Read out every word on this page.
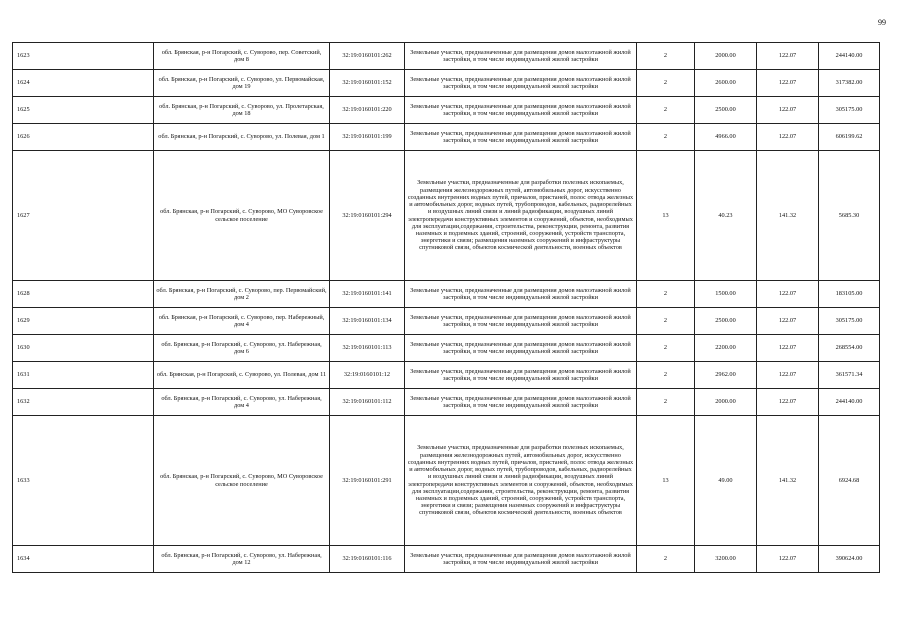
99
1623	обл. Брянская, р-н Погарский, с. Суворово, пер. Советский, дом 8	32:19:0160101:262	Земельные участки, предназначенные для размещения домов малоэтажной жилой застройки, в том числе индивидуальной жилой застройки	2	2000.00	122.07	244140.00
1624	обл. Брянская, р-н Погарский, с. Суворово, ул. Первомайская, дом 19	32:19:0160101:152	Земельные участки, предназначенные для размещения домов малоэтажной жилой застройки, в том числе индивидуальной жилой застройки	2	2600.00	122.07	317382.00
1625	обл. Брянская, р-н Погарский, с. Суворово, ул. Пролетарская, дом 18	32:19:0160101:220	Земельные участки, предназначенные для размещения домов малоэтажной жилой застройки, в том числе индивидуальной жилой застройки	2	2500.00	122.07	305175.00
1626	обл. Брянская, р-н Погарский, с. Суворово, ул. Полевая, дом 1	32:19:0160101:199	Земельные участки, предназначенные для размещения домов малоэтажной жилой застройки, в том числе индивидуальной жилой застройки	2	4966.00	122.07	606199.62
1627	обл. Брянская, р-н Погарский, с. Суворово, МО Суворовское сельское поселение	32:19:0160101:294	Земельные участки, предназначенные для разработки полезных ископаемых, размещения железнодорожных путей, автомобильных дорог, искусственно созданных внутренних водных путей, причалов, пристаней, полос отвода железных и автомобильных дорог, водных путей, трубопроводов, кабельных, радиорелейных и воздушных линий связи и линий радиофикации, воздушных линий электропередачи конструктивных элементов и сооружений, объектов, необходимых для эксплуатации,содержания, строительства, реконструкции, ремонта, развития наземных и подземных зданий, строений, сооружений, устройств транспорта, энергетики и связи; размещения наземных сооружений и инфраструктуры спутниковой связи, объектов космической деятельности, военных объектов	13	40.23	141.32	5685.30
1628	обл. Брянская, р-н Погарский, с. Суворово, пер. Первомайский, дом 2	32:19:0160101:141	Земельные участки, предназначенные для размещения домов малоэтажной жилой застройки, в том числе индивидуальной жилой застройки	2	1500.00	122.07	183105.00
1629	обл. Брянская, р-н Погарский, с. Суворово, пер. Набережный, дом 4	32:19:0160101:134	Земельные участки, предназначенные для размещения домов малоэтажной жилой застройки, в том числе индивидуальной жилой застройки	2	2500.00	122.07	305175.00
1630	обл. Брянская, р-н Погарский, с. Суворово, ул. Набережная, дом 6	32:19:0160101:113	Земельные участки, предназначенные для размещения домов малоэтажной жилой застройки, в том числе индивидуальной жилой застройки	2	2200.00	122.07	268554.00
1631	обл. Брянская, р-н Погарский, с. Суворово, ул. Полевая, дом 11	32:19:0160101:12	Земельные участки, предназначенные для размещения домов малоэтажной жилой застройки, в том числе индивидуальной жилой застройки	2	2962.00	122.07	361571.34
1632	обл. Брянская, р-н Погарский, с. Суворово, ул. Набережная, дом 4	32:19:0160101:112	Земельные участки, предназначенные для размещения домов малоэтажной жилой застройки, в том числе индивидуальной жилой застройки	2	2000.00	122.07	244140.00
1633	обл. Брянская, р-н Погарский, с. Суворово, МО Суворовское сельское поселение	32:19:0160101:291	Земельные участки, предназначенные для разработки полезных ископаемых, размещения железнодорожных путей, автомобильных дорог, искусственно созданных внутренних водных путей, причалов, пристаней, полос отвода железных и автомобильных дорог, водных путей, трубопроводов, кабельных, радиорелейных и воздушных линий связи и линий радиофикации, воздушных линий электропередачи конструктивных элементов и сооружений, объектов, необходимых для эксплуатации,содержания, строительства, реконструкции, ремонта, развития наземных и подземных зданий, строений, сооружений, устройств транспорта, энергетики и связи; размещения наземных сооружений и инфраструктуры спутниковой связи, объектов космической деятельности, военных объектов	13	49.00	141.32	6924.68
1634	обл. Брянская, р-н Погарский, с. Суворово, ул. Набережная, дом 12	32:19:0160101:116	Земельные участки, предназначенные для размещения домов малоэтажной жилой застройки, в том числе индивидуальной жилой застройки	2	3200.00	122.07	390624.00
